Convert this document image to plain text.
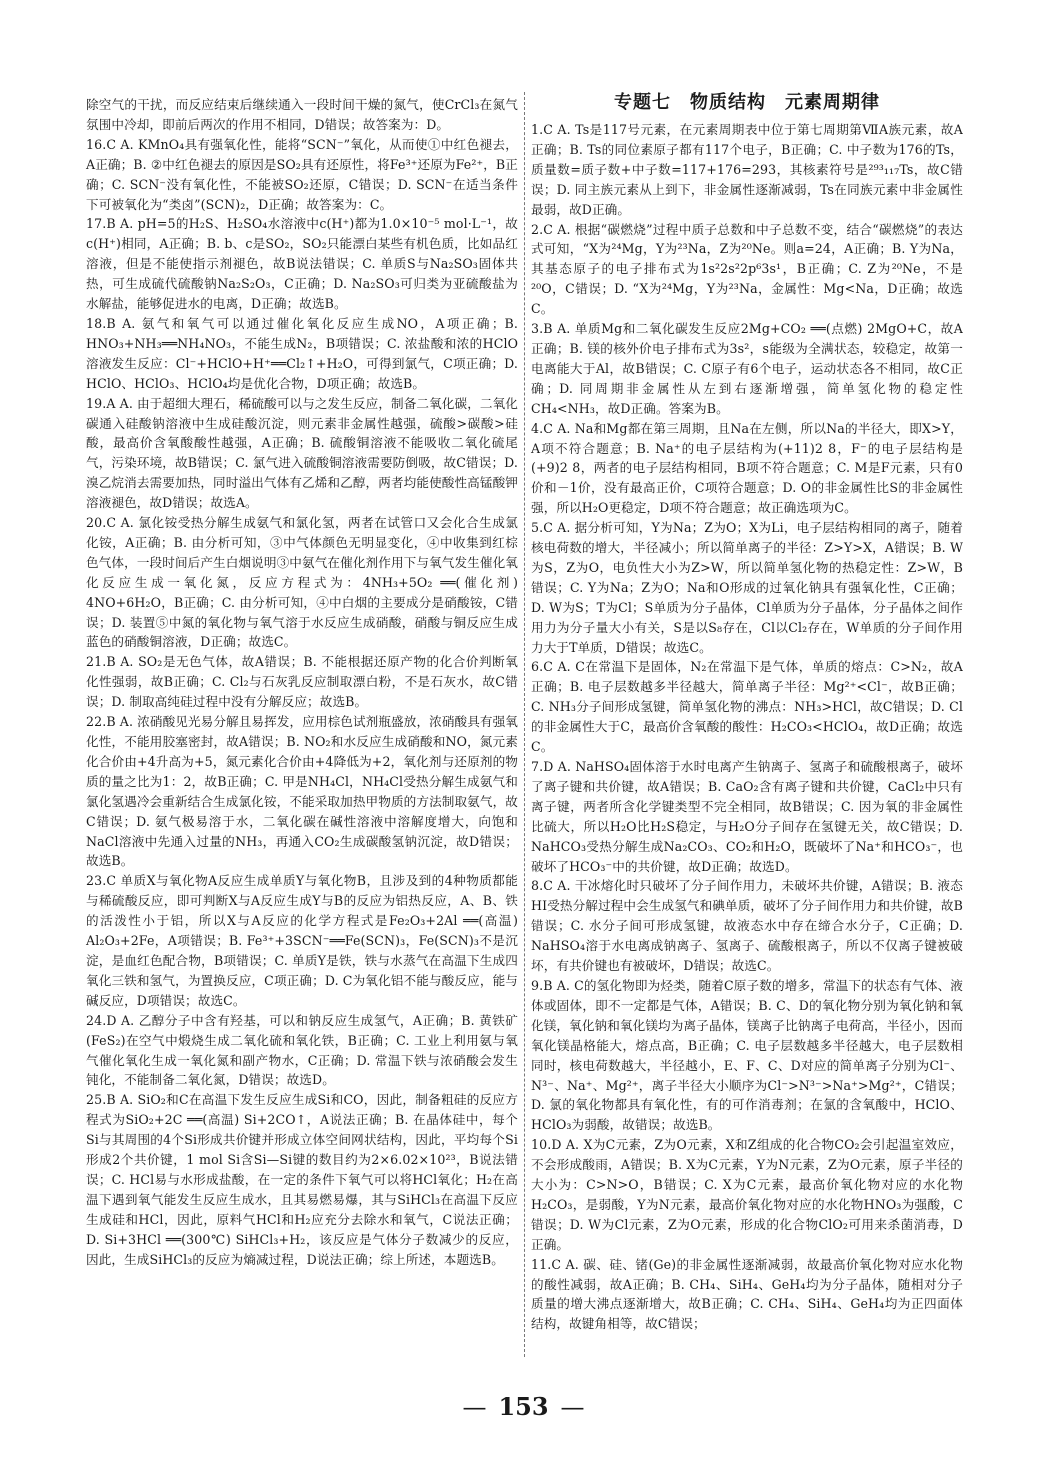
除空气的干扰，而反应结束后继续通入一段时间干燥的氮气，使CrCl₃在氮气氛围中冷却，即前后两次的作用不相同，D错误；故答案为：D。

16.C A. KMnO₄具有强氧化性，能将“SCN⁻”氧化，从而使①中红色褪去，A正确；B. ②中红色褪去的原因是SO₂具有还原性，将Fe³⁺还原为Fe²⁺，B正确；C. SCN⁻没有氧化性，不能被SO₂还原，C错误；D. SCN⁻在适当条件下可被氧化为“类卤”(SCN)₂，D正确；故答案为：C。

17.B A. pH=5的H₂S、H₂SO₄水溶液中c(H⁺)都为1.0×10⁻⁵ mol·L⁻¹，故c(H⁺)相同，A正确；B. b、c是SO₂，SO₂只能漂白某些有机色质，比如品红溶液，但是不能使指示剂褪色，故B说法错误；C. 单质S与Na₂SO₃固体共热，可生成硫代硫酸钠Na₂S₂O₃，C正确；D. Na₂SO₃可归类为亚硫酸盐为水解盐，能够促进水的电离，D正确；故选B。

18.B A. 氨气和氧气可以通过催化氧化反应生成NO，A项正确；B. HNO₃+NH₃══NH₄NO₃，不能生成N₂，B项错误；C. 浓盐酸和浓的HClO溶液发生反应：Cl⁻+HClO+H⁺══Cl₂↑+H₂O，可得到氯气，C项正确；D. HClO、HClO₃、HClO₄均是优化合物，D项正确；故选B。

19.A A. 由于超细大理石，稀硫酸可以与之发生反应，制备二氧化碳，二氧化碳通入硅酸钠溶液中生成硅酸沉淀，则元素非金属性越强，硫酸>碳酸>硅酸，最高价含氧酸酸性越强，A正确；B. 硫酸铜溶液不能吸收二氧化硫尾气，污染环境，故B错误；C. 氯气进入硫酸铜溶液需要防倒吸，故C错误；D. 溴乙烷消去需要加热，同时溢出气体有乙烯和乙醇，两者均能使酸性高锰酸钾溶液褪色，故D错误；故选A。

20.C A. 氯化铵受热分解生成氨气和氯化氢，两者在试管口又会化合生成氯化铵，A正确；B. 由分析可知，③中气体颜色无明显变化，④中收集到红棕色气体，一段时间后产生白烟说明③中氨气在催化剂作用下与氧气发生催化氧化反应生成一氧化氮，反应方程式为：4NH₃+5O₂ ══(催化剂) 4NO+6H₂O，B正确；C. 由分析可知，④中白烟的主要成分是硝酸铵，C错误；D. 装置⑤中氮的氧化物与氧气溶于水反应生成硝酸，硝酸与铜反应生成蓝色的硝酸铜溶液，D正确；故选C。

21.B A. SO₂是无色气体，故A错误；B. 不能根据还原产物的化合价判断氧化性强弱，故B正确；C. Cl₂与石灰乳反应制取漂白粉，不是石灰水，故C错误；D. 制取高纯硅过程中没有分解反应；故选B。

22.B A. 浓硝酸见光易分解且易挥发，应用棕色试剂瓶盛放，浓硝酸具有强氧化性，不能用胶塞密封，故A错误；B. NO₂和水反应生成硝酸和NO，氮元素化合价由+4升高为+5，氮元素化合价由+4降低为+2，氧化剂与还原剂的物质的量之比为1：2，故B正确；C. 甲是NH₄Cl，NH₄Cl受热分解生成氨气和氯化氢遇冷会重新结合生成氯化铵，不能采取加热甲物质的方法制取氨气，故C错误；D. 氨气极易溶于水，二氧化碳在碱性溶液中溶解度增大，向饱和NaCl溶液中先通入过量的NH₃，再通入CO₂生成碳酸氢钠沉淀，故D错误；故选B。

23.C 单质X与氧化物A反应生成单质Y与氧化物B，且涉及到的4种物质都能与稀硫酸反应，即可判断X与A反应生成Y与B的反应为铝热反应，A、B、铁的活泼性小于铝，所以X与A反应的化学方程式是Fe₂O₃+2Al ══(高温) Al₂O₃+2Fe，A项错误；B. Fe³⁺+3SCN⁻══Fe(SCN)₃，Fe(SCN)₃不是沉淀，是血红色配合物，B项错误；C. 单质Y是铁，铁与水蒸气在高温下生成四氧化三铁和氢气，为置换反应，C项正确；D. C为氧化铝不能与酸反应，能与碱反应，D项错误；故选C。

24.D A. 乙醇分子中含有羟基，可以和钠反应生成氢气，A正确；B. 黄铁矿(FeS₂)在空气中煅烧生成二氧化硫和氧化铁，B正确；C. 工业上利用氨与氧气催化氧化生成一氧化氮和副产物水，C正确；D. 常温下铁与浓硝酸会发生钝化，不能制备二氧化氮，D错误；故选D。

25.B A. SiO₂和C在高温下发生反应生成Si和CO，因此，制备粗硅的反应方程式为SiO₂+2C ══(高温) Si+2CO↑，A说法正确；B. 在晶体硅中，每个Si与其周围的4个Si形成共价键并形成立体空间网状结构，因此，平均每个Si形成2个共价键，1 mol Si含Si—Si键的数目约为2×6.02×10²³，B说法错误；C. HCl易与水形成盐酸，在一定的条件下氧气可以将HCl氧化；H₂在高温下遇到氧气能发生反应生成水，且其易燃易爆，其与SiHCl₃在高温下反应生成硅和HCl，因此，原料气HCl和H₂应充分去除水和氧气，C说法正确；D. Si+3HCl ══(300℃) SiHCl₃+H₂，该反应是气体分子数减少的反应，因此，生成SiHCl₃的反应为熵减过程，D说法正确；综上所述，本题选B。

专题七　物质结构　元素周期律

1.C A. Ts是117号元素，在元素周期表中位于第七周期第ⅦA族元素，故A正确；B. Ts的同位素原子都有117个电子，B正确；C. 中子数为176的Ts，质量数=质子数+中子数=117+176=293，其核素符号是²⁹³₁₁₇Ts，故C错误；D. 同主族元素从上到下，非金属性逐渐减弱，Ts在同族元素中非金属性最弱，故D正确。

2.C A. 根据“碳燃烧”过程中质子总数和中子总数不变，结合“碳燃烧”的表达式可知，“X为²⁴Mg，Y为²³Na，Z为²⁰Ne。则a=24，A正确；B. Y为Na，其基态原子的电子排布式为1s²2s²2p⁶3s¹，B正确；C. Z为²⁰Ne，不是²⁰O，C错误；D. “X为²⁴Mg，Y为²³Na，金属性：Mg<Na，D正确；故选C。

3.B A. 单质Mg和二氧化碳发生反应2Mg+CO₂ ══(点燃) 2MgO+C，故A正确；B. 镁的核外价电子排布式为3s²，s能级为全满状态，较稳定，故第一电离能大于Al，故B错误；C. C原子有6个电子，运动状态各不相同，故C正确；D. 同周期非金属性从左到右逐渐增强，简单氢化物的稳定性CH₄<NH₃，故D正确。答案为B。

4.C A. Na和Mg都在第三周期，且Na在左侧，所以Na的半径大，即X>Y，A项不符合题意；B. Na⁺的电子层结构为(+11)2 8，F⁻的电子层结构是(+9)2 8，两者的电子层结构相同，B项不符合题意；C. M是F元素，只有0价和－1价，没有最高正价，C项符合题意；D. O的非金属性比S的非金属性强，所以H₂O更稳定，D项不符合题意；故正确选项为C。

5.C A. 据分析可知，Y为Na；Z为O；X为Li，电子层结构相同的离子，随着核电荷数的增大，半径减小；所以简单离子的半径：Z>Y>X，A错误；B. W为S，Z为O，电负性大小为Z>W，所以简单氢化物的热稳定性：Z>W，B错误；C. Y为Na；Z为O；Na和O形成的过氧化钠具有强氧化性，C正确；D. W为S；T为Cl；S单质为分子晶体，Cl单质为分子晶体，分子晶体之间作用力为分子量大小有关，S是以S₈存在，Cl以Cl₂存在，W单质的分子间作用力大于T单质，D错误；故选C。

6.C A. C在常温下是固体，N₂在常温下是气体，单质的熔点：C>N₂，故A正确；B. 电子层数越多半径越大，简单离子半径：Mg²⁺<Cl⁻，故B正确；C. NH₃分子间形成氢键，简单氢化物的沸点：NH₃>HCl，故C错误；D. Cl的非金属性大于C，最高价含氧酸的酸性：H₂CO₃<HClO₄，故D正确；故选C。

7.D A. NaHSO₄固体溶于水时电离产生钠离子、氢离子和硫酸根离子，破坏了离子键和共价键，故A错误；B. CaO₂含有离子键和共价键，CaCl₂中只有离子键，两者所含化学键类型不完全相同，故B错误；C. 因为氧的非金属性比硫大，所以H₂O比H₂S稳定，与H₂O分子间存在氢键无关，故C错误；D. NaHCO₃受热分解生成Na₂CO₃、CO₂和H₂O，既破坏了Na⁺和HCO₃⁻，也破坏了HCO₃⁻中的共价键，故D正确；故选D。

8.C A. 干冰熔化时只破坏了分子间作用力，未破坏共价键，A错误；B. 液态HI受热分解过程中会生成氢气和碘单质，破坏了分子间作用力和共价键，故B错误；C. 水分子间可形成氢键，故液态水中存在缔合水分子，C正确；D. NaHSO₄溶于水电离成钠离子、氢离子、硫酸根离子，所以不仅离子键被破坏，有共价键也有被破坏，D错误；故选C。

9.B A. C的氢化物即为烃类，随着C原子数的增多，常温下的状态有气体、液体或固体，即不一定都是气体，A错误；B. C、D的氧化物分别为氧化钠和氧化镁，氧化钠和氧化镁均为离子晶体，镁离子比钠离子电荷高，半径小，因而氧化镁晶格能大，熔点高，B正确；C. 电子层数越多半径越大，电子层数相同时，核电荷数越大，半径越小，E、F、C、D对应的简单离子分别为Cl⁻、N³⁻、Na⁺、Mg²⁺，离子半径大小顺序为Cl⁻>N³⁻>Na⁺>Mg²⁺，C错误；D. 氯的氧化物都具有氧化性，有的可作消毒剂；在氯的含氧酸中，HClO、HClO₃为弱酸，故错误；故选B。

10.D A. X为C元素，Z为O元素，X和Z组成的化合物CO₂会引起温室效应，不会形成酸雨，A错误；B. X为C元素，Y为N元素，Z为O元素，原子半径的大小为：C>N>O，B错误；C. X为C元素，最高价氧化物对应的水化物H₂CO₃，是弱酸，Y为N元素，最高价氧化物对应的水化物HNO₃为强酸，C错误；D. W为Cl元素，Z为O元素，形成的化合物ClO₂可用来杀菌消毒，D正确。

11.C A. 碳、硅、锗(Ge)的非金属性逐渐减弱，故最高价氧化物对应水化物的酸性减弱，故A正确；B. CH₄、SiH₄、GeH₄均为分子晶体，随相对分子质量的增大沸点逐渐增大，故B正确；C. CH₄、SiH₄、GeH₄均为正四面体结构，故键角相等，故C错误；

— 153 —
